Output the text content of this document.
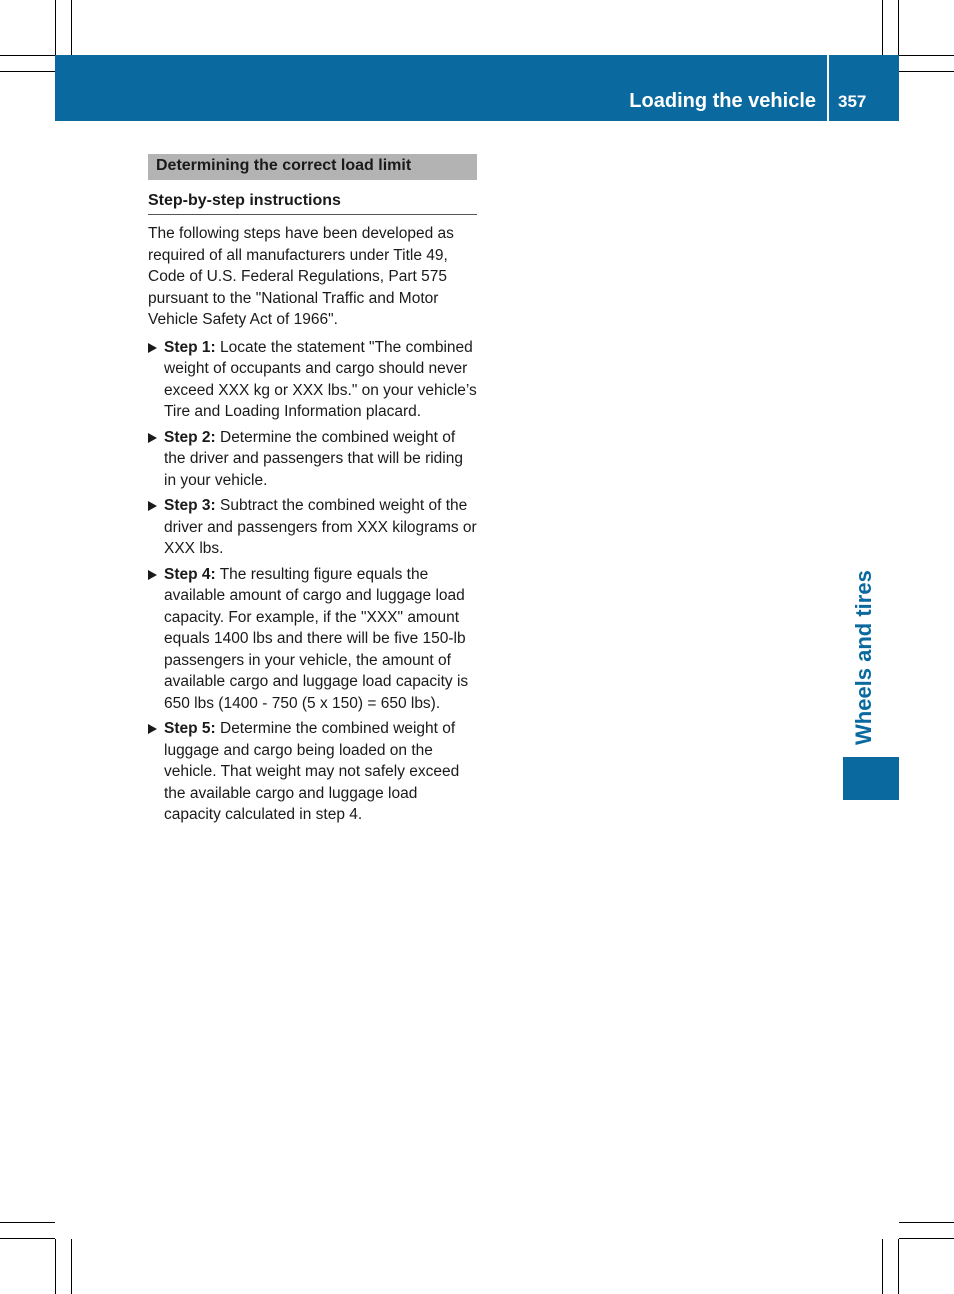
Loading the vehicle 357
Wheels and tires
Determining the correct load limit
Step-by-step instructions

The following steps have been developed as required of all manufacturers under Title 49, Code of U.S. Federal Regulations, Part 575 pursuant to the "National Traffic and Motor Vehicle Safety Act of 1966".

Step 1: Locate the statement "The combined weight of occupants and cargo should never exceed XXX kg or XXX lbs." on your vehicle’s Tire and Loading Information placard.
Step 2: Determine the combined weight of the driver and passengers that will be riding in your vehicle.
Step 3: Subtract the combined weight of the driver and passengers from XXX kilograms or XXX lbs.
Step 4: The resulting figure equals the available amount of cargo and luggage load capacity. For example, if the "XXX" amount equals 1400 lbs and there will be five 150-lb passengers in your vehicle, the amount of available cargo and luggage load capacity is 650 lbs (1400 - 750 (5 x 150) = 650 lbs).
Step 5: Determine the combined weight of luggage and cargo being loaded on the vehicle. That weight may not safely exceed the available cargo and luggage load capacity calculated in step 4.
